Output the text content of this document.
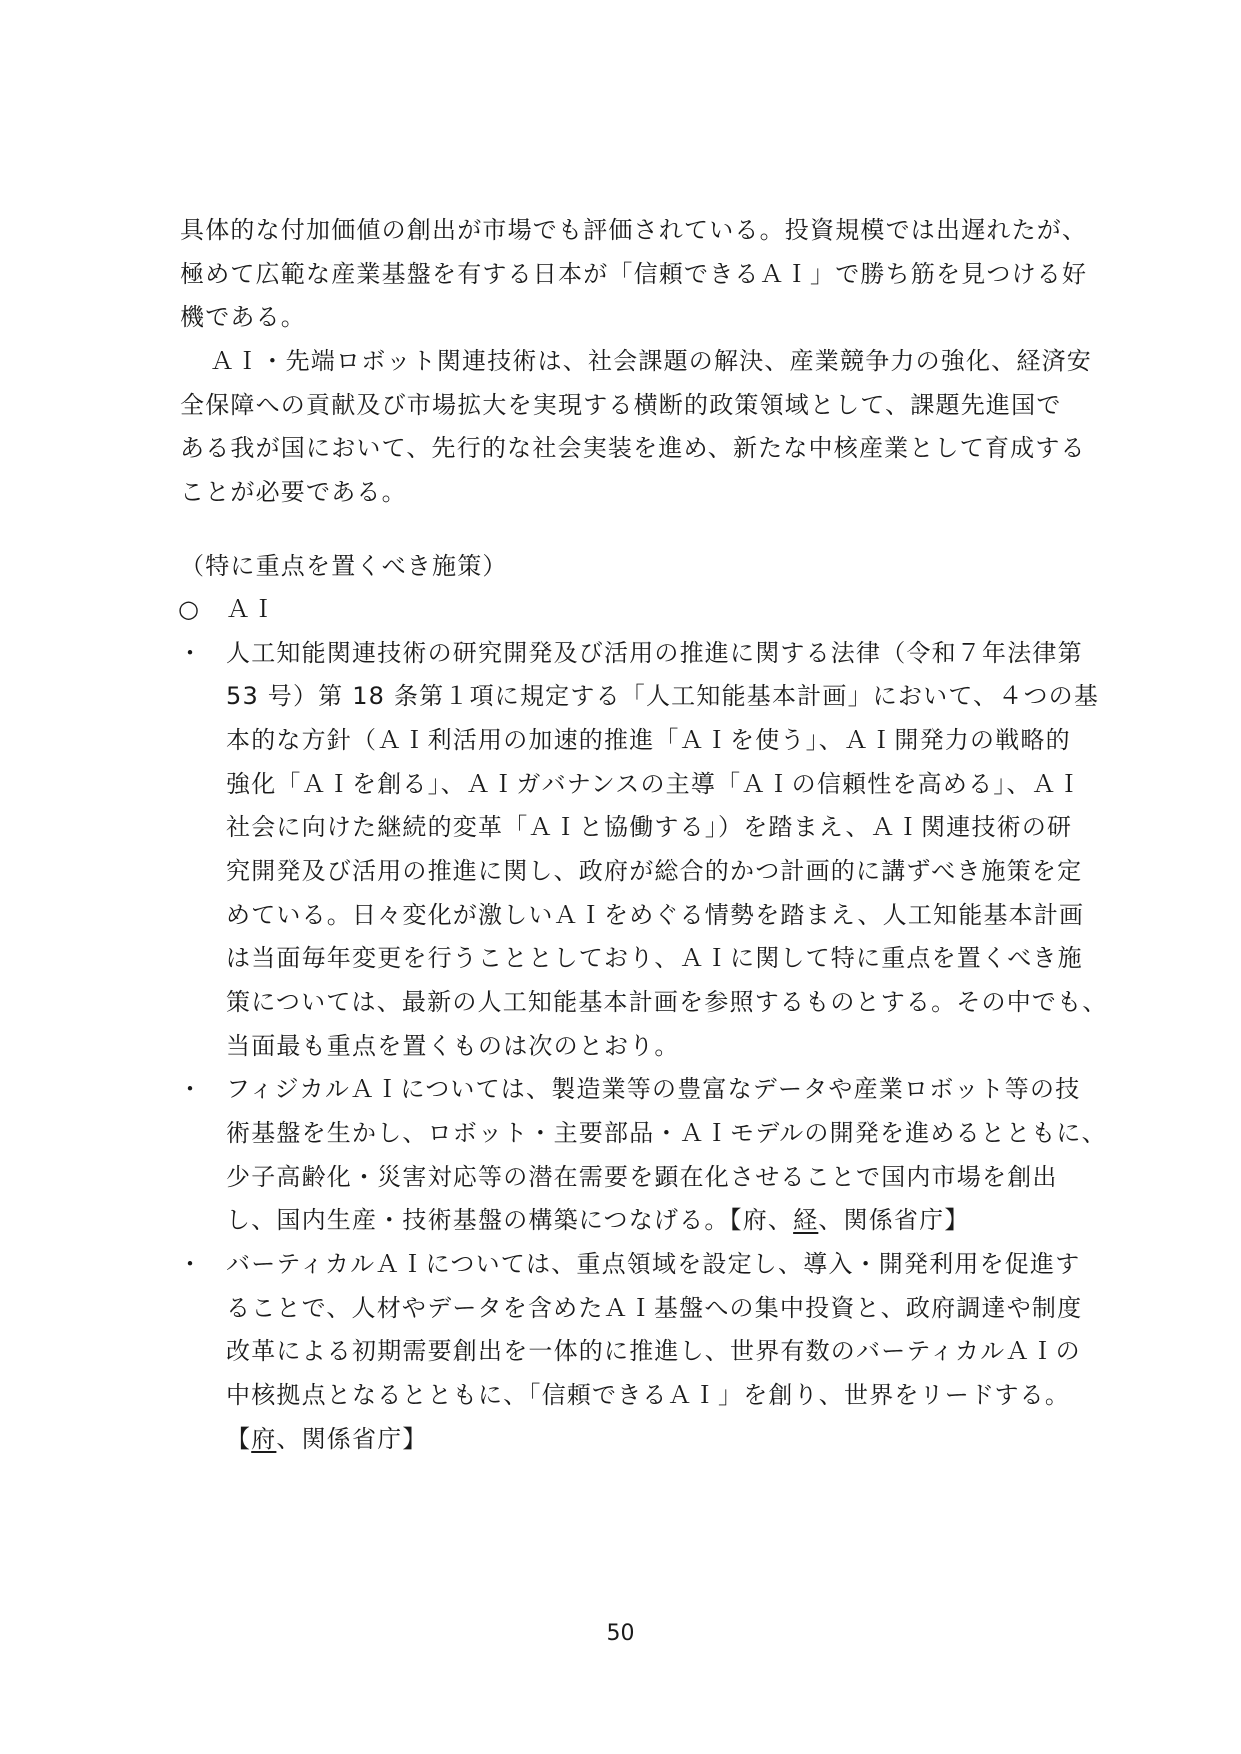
具体的な付加価値の創出が市場でも評価されている。投資規模では出遅れたが、
極めて広範な産業基盤を有する日本が「信頼できるＡＩ」で勝ち筋を見つける好
機である。
ＡＩ・先端ロボット関連技術は、社会課題の解決、産業競争力の強化、経済安
全保障への貢献及び市場拡大を実現する横断的政策領域として、課題先進国で
ある我が国において、先行的な社会実装を進め、新たな中核産業として育成する
ことが必要である。
（特に重点を置くべき施策）
○ ＡＩ
・ 人工知能関連技術の研究開発及び活用の推進に関する法律（令和７年法律第
53 号）第 18 条第１項に規定する「人工知能基本計画」において、４つの基
本的な方針（ＡＩ利活用の加速的推進「ＡＩを使う」、ＡＩ開発力の戦略的
強化「ＡＩを創る」、ＡＩガバナンスの主導「ＡＩの信頼性を高める」、ＡＩ
社会に向けた継続的変革「ＡＩと協働する」）を踏まえ、ＡＩ関連技術の研
究開発及び活用の推進に関し、政府が総合的かつ計画的に講ずべき施策を定
めている。日々変化が激しいＡＩをめぐる情勢を踏まえ、人工知能基本計画
は当面毎年変更を行うこととしており、ＡＩに関して特に重点を置くべき施
策については、最新の人工知能基本計画を参照するものとする。その中でも、
当面最も重点を置くものは次のとおり。
・ フィジカルＡＩについては、製造業等の豊富なデータや産業ロボット等の技
術基盤を生かし、ロボット・主要部品・ＡＩモデルの開発を進めるとともに、
少子高齢化・災害対応等の潜在需要を顕在化させることで国内市場を創出
し、国内生産・技術基盤の構築につなげる。【府、経、関係省庁】
・ バーティカルＡＩについては、重点領域を設定し、導入・開発利用を促進す
ることで、人材やデータを含めたＡＩ基盤への集中投資と、政府調達や制度
改革による初期需要創出を一体的に推進し、世界有数のバーティカルＡＩの
中核拠点となるとともに、「信頼できるＡＩ」を創り、世界をリードする。
【府、関係省庁】
50
